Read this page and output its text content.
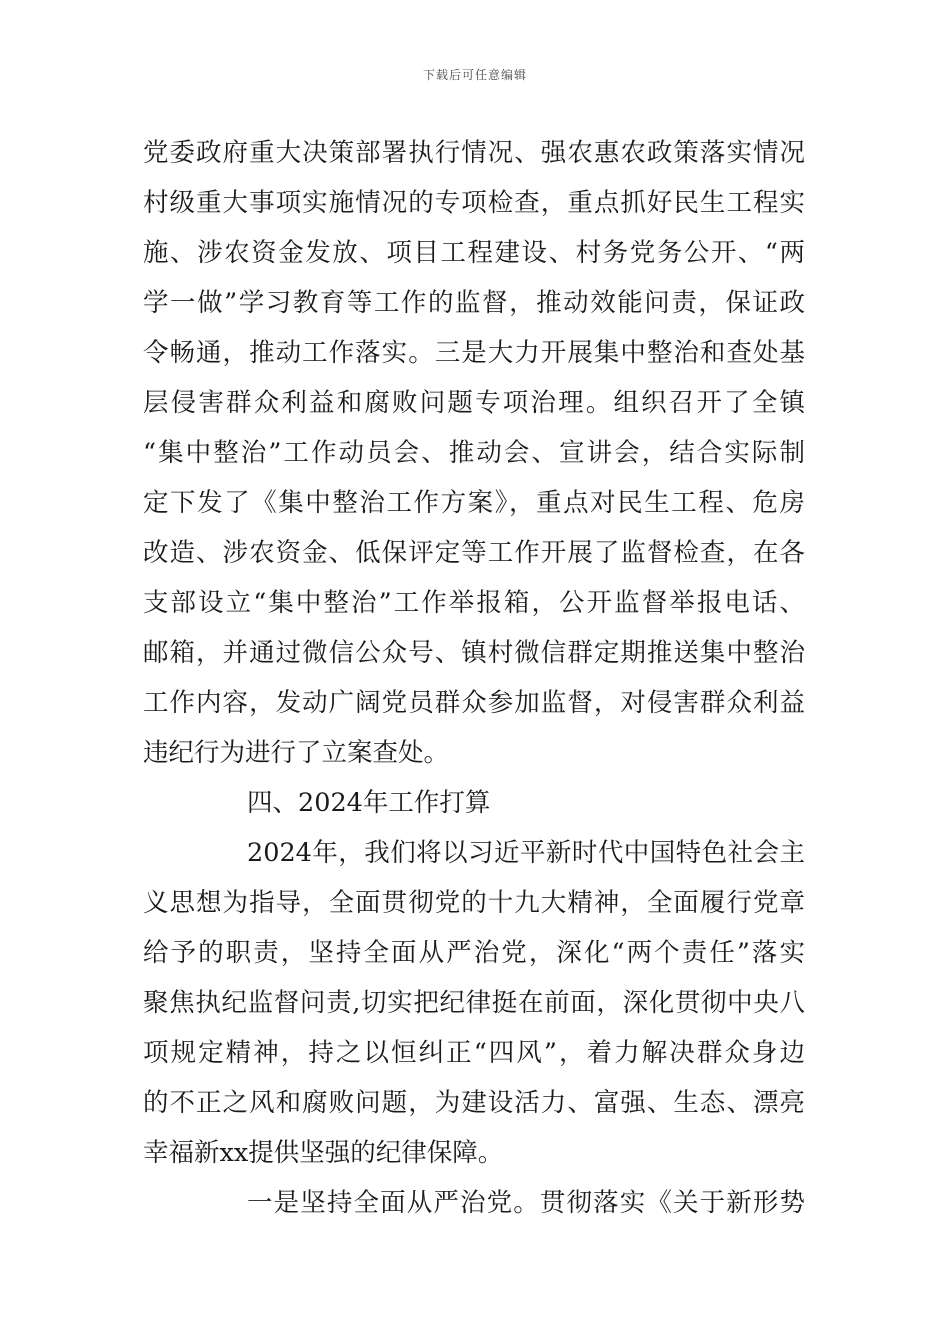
下载后可任意编辑
党委政府重大决策部署执行情况、强农惠农政策落实情况
村级重大事项实施情况的专项检查，重点抓好民生工程实
施、涉农资金发放、项目工程建设、村务党务公开、“两
学一做”学习教育等工作的监督，推动效能问责，保证政
令畅通，推动工作落实。三是大力开展集中整治和查处基
层侵害群众利益和腐败问题专项治理。组织召开了全镇
“集中整治”工作动员会、推动会、宣讲会，结合实际制
定下发了《集中整治工作方案》，重点对民生工程、危房
改造、涉农资金、低保评定等工作开展了监督检查，在各
支部设立“集中整治”工作举报箱，公开监督举报电话、
邮箱，并通过微信公众号、镇村微信群定期推送集中整治
工作内容，发动广阔党员群众参加监督，对侵害群众利益
违纪行为进行了立案查处。
四、2024年工作打算
2024年，我们将以习近平新时代中国特色社会主
义思想为指导，全面贯彻党的十九大精神，全面履行党章
给予的职责，坚持全面从严治党，深化“两个责任”落实
聚焦执纪监督问责,切实把纪律挺在前面，深化贯彻中央八
项规定精神，持之以恒纠正“四风”，着力解决群众身边
的不正之风和腐败问题，为建设活力、富强、生态、漂亮
幸福新xx提供坚强的纪律保障。
一是坚持全面从严治党。贯彻落实《关于新形势
